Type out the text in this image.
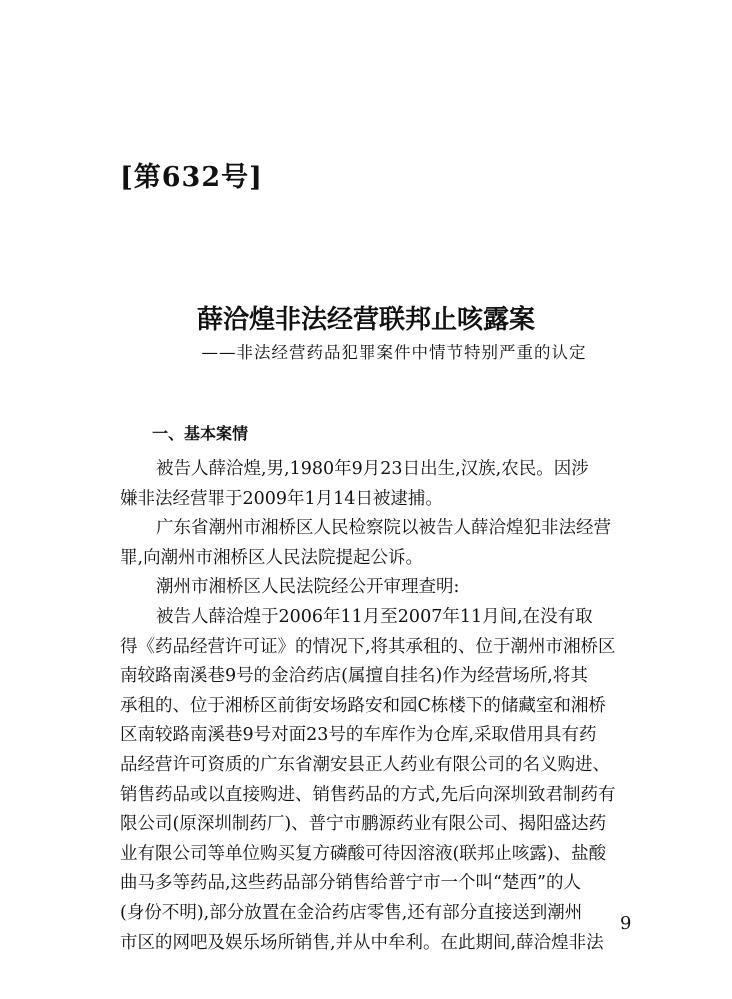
[第632号]
薛洽煌非法经营联邦止咳露案
——非法经营药品犯罪案件中情节特别严重的认定
一、基本案情
被告人薛洽煌,男,1980年9月23日出生,汉族,农民。因涉
嫌非法经营罪于2009年1月14日被逮捕。
广东省潮州市湘桥区人民检察院以被告人薛洽煌犯非法经营
罪,向潮州市湘桥区人民法院提起公诉。
潮州市湘桥区人民法院经公开审理查明:
被告人薛洽煌于2006年11月至2007年11月间,在没有取
得《药品经营许可证》的情况下,将其承租的、位于潮州市湘桥区
南较路南溪巷9号的金洽药店(属擅自挂名)作为经营场所,将其
承租的、位于湘桥区前街安场路安和园C栋楼下的储藏室和湘桥
区南较路南溪巷9号对面23号的车库作为仓库,采取借用具有药
品经营许可资质的广东省潮安县正人药业有限公司的名义购进、
销售药品或以直接购进、销售药品的方式,先后向深圳致君制药有
限公司(原深圳制药厂)、普宁市鹏源药业有限公司、揭阳盛达药
业有限公司等单位购买复方磷酸可待因溶液(联邦止咳露)、盐酸
曲马多等药品,这些药品部分销售给普宁市一个叫“楚西”的人
(身份不明),部分放置在金洽药店零售,还有部分直接送到潮州
市区的网吧及娱乐场所销售,并从中牟利。在此期间,薛洽煌非法
9
